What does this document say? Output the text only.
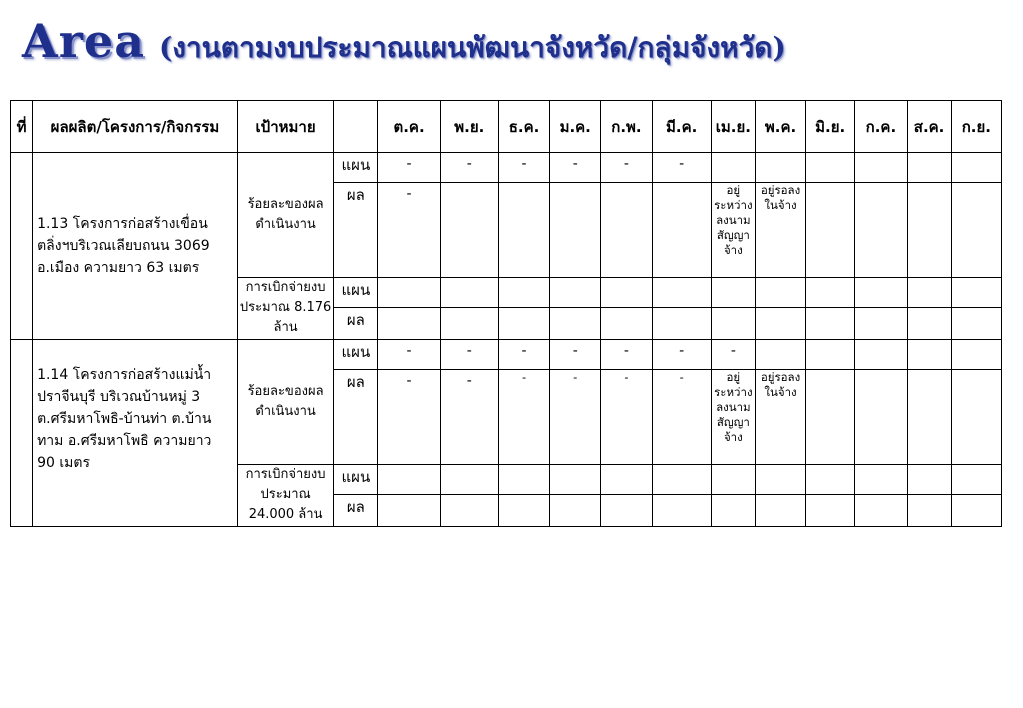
Area (งานตามงบประมาณแผนพัฒนาจังหวัด/กลุ่มจังหวัด)
ที่	ผลผลิต/โครงการ/กิจกรรม	เป้าหมาย		ต.ค.	พ.ย.	ธ.ค.	ม.ค.	ก.พ.	มี.ค.	เม.ย.	พ.ค.	มิ.ย.	ก.ค.	ส.ค.	ก.ย.
	1.13 โครงการก่อสร้างเขื่อนตลิ่งฯบริเวณเลียบถนน 3069 อ.เมือง ความยาว 63 เมตร	ร้อยละของผลดำเนินงาน	แผน	-	-	-	-	-	-						
			ผล	-						อยู่ระหว่างลงนามสัญญาจ้าง	อยู่รอลงในจ้าง				
		การเบิกจ่ายงบประมาณ 8.176 ล้าน	แผน												
			ผล												
	1.14 โครงการก่อสร้างแม่น้ำปราจีนบุรี บริเวณบ้านหมู่ 3 ต.ศรีมหาโพธิ-บ้านท่า ต.บ้านทาม อ.ศรีมหาโพธิ ความยาว 90 เมตร	ร้อยละของผลดำเนินงาน	แผน	-	-	-	-	-	-	-					
			ผล	-	-	-	-	-	-	อยู่ระหว่างลงนามสัญญาจ้าง	อยู่รอลงในจ้าง				
		การเบิกจ่ายงบประมาณ 24.000 ล้าน	แผน												
			ผล												
